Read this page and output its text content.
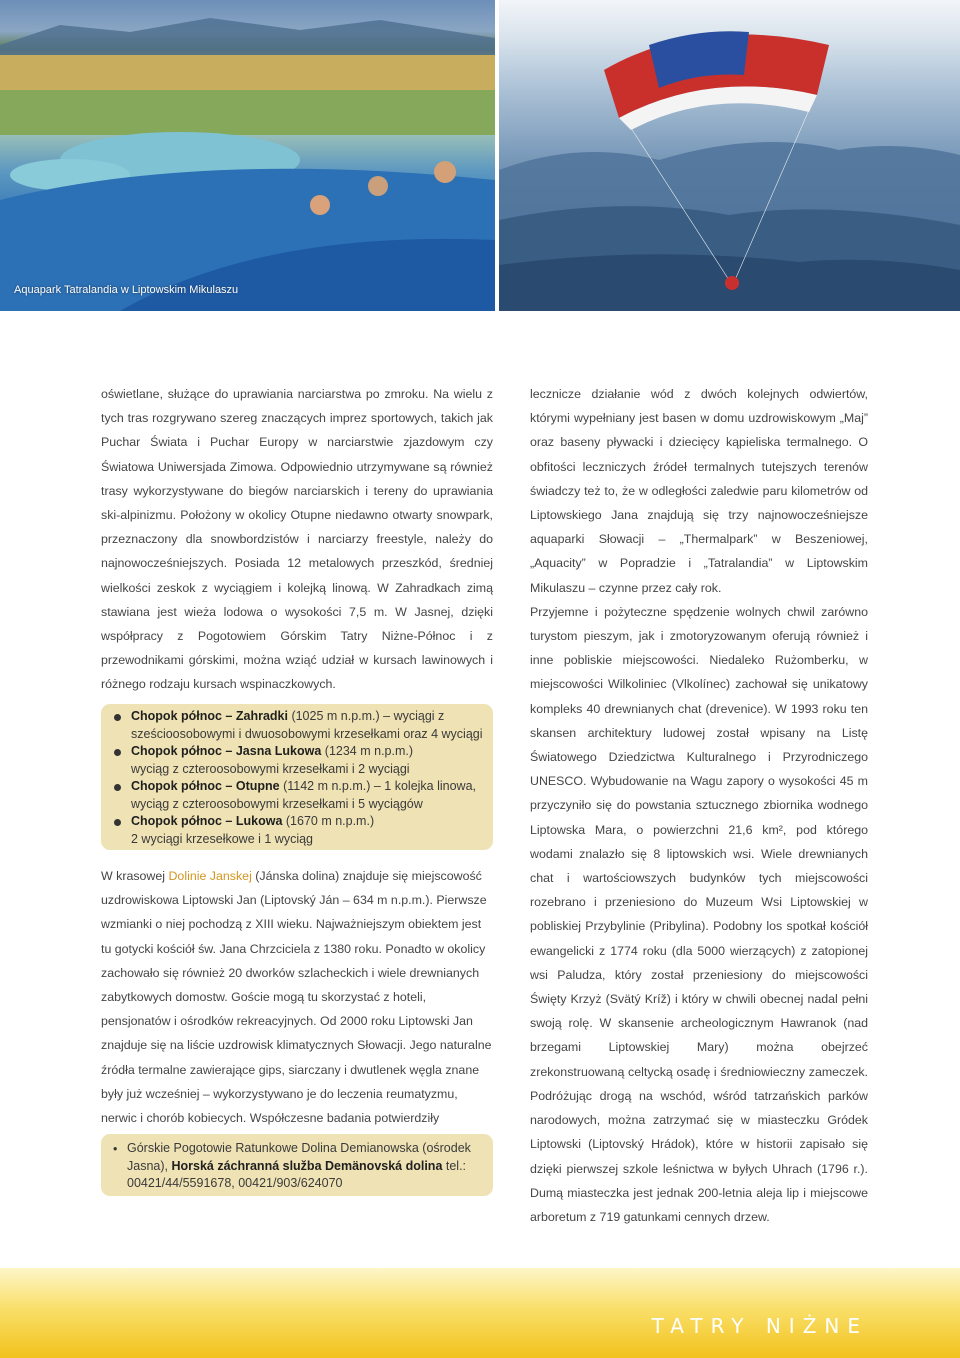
Aquapark Tatralandia w Liptowskim Mikulaszu

oświetlane, służące do uprawiania narciarstwa po zmroku. Na wielu z tych tras rozgrywano szereg znaczących imprez sportowych, takich jak Puchar Świata i Puchar Europy w narciarstwie zjazdowym czy Światowa Uniwersjada Zimowa. Odpowiednio utrzymywane są również trasy wykorzystywane do biegów narciarskich i tereny do uprawiania ski-alpinizmu. Położony w okolicy Otupne niedawno otwarty snowpark, przeznaczony dla snowbordzistów i narciarzy freestyle, należy do najnowocześniejszych. Posiada 12 metalowych przeszkód, średniej wielkości zeskok z wyciągiem i kolejką linową. W Zahradkach zimą stawiana jest wieża lodowa o wysokości 7,5 m. W Jasnej, dzięki współpracy z Pogotowiem Górskim Tatry Niżne-Północ i z przewodnikami górskimi, można wziąć udział w kursach lawinowych i różnego rodzaju kursach wspinaczkowych.

Chopok północ – Zahradki (1025 m n.p.m.) – wyciągi z sześcioosobowymi i dwuosobowymi krzesełkami oraz 4 wyciągi
Chopok północ – Jasna Lukowa (1234 m n.p.m.)
wyciąg z czteroosobowymi krzesełkami i 2 wyciągi
Chopok północ – Otupne (1142 m n.p.m.) – 1 kolejka linowa, wyciąg z czteroosobowymi krzesełkami i 5 wyciągów
Chopok północ – Lukowa (1670 m n.p.m.)
2 wyciągi krzesełkowe i 1 wyciąg

W krasowej Dolinie Janskej (Jánska dolina) znajduje się miejscowość uzdrowiskowa Liptowski Jan (Liptovský Ján – 634 m n.p.m.). Pierwsze wzmianki o niej pochodzą z XIII wieku. Najważniejszym obiektem jest tu gotycki kościół św. Jana Chrzciciela z 1380 roku. Ponadto w okolicy zachowało się również 20 dworków szlacheckich i wiele drewnianych zabytkowych domostw. Goście mogą tu skorzystać z hoteli, pensjonatów i ośrodków rekreacyjnych. Od 2000 roku Liptowski Jan znajduje się na liście uzdrowisk klimatycznych Słowacji. Jego naturalne źródła termalne zawierające gips, siarczany i dwutlenek węgla znane były już wcześniej – wykorzystywano je do leczenia reumatyzmu, nerwic i chorób kobiecych. Współczesne badania potwierdziły

• Górskie Pogotowie Ratunkowe Dolina Demianowska (ośrodek Jasna), Horská záchranná služba Demänovská dolina tel.: 00421/44/5591678, 00421/903/624070

lecznicze działanie wód z dwóch kolejnych odwiertów, którymi wypełniany jest basen w domu uzdrowiskowym „Maj” oraz baseny pływacki i dziecięcy kąpieliska termalnego. O obfitości leczniczych źródeł termalnych tutejszych terenów świadczy też to, że w odległości zaledwie paru kilometrów od Liptowskiego Jana znajdują się trzy najnowocześniejsze aquaparki Słowacji – „Thermalpark” w Beszeniowej, „Aquacity” w Popradzie i „Tatralandia” w Liptowskim Mikulaszu – czynne przez cały rok.

Przyjemne i pożyteczne spędzenie wolnych chwil zarówno turystom pieszym, jak i zmotoryzowanym oferują również i inne pobliskie miejscowości. Niedaleko Rużomberku, w miejscowości Wilkoliniec (Vlkolínec) zachował się unikatowy kompleks 40 drewnianych chat (drevenice). W 1993 roku ten skansen architektury ludowej został wpisany na Listę Światowego Dziedzictwa Kulturalnego i Przyrodniczego UNESCO. Wybudowanie na Wagu zapory o wysokości 45 m przyczyniło się do powstania sztucznego zbiornika wodnego Liptowska Mara, o powierzchni 21,6 km², pod którego wodami znalazło się 8 liptowskich wsi. Wiele drewnianych chat i wartościowszych budynków tych miejscowości rozebrano i przeniesiono do Muzeum Wsi Liptowskiej w pobliskiej Przybylinie (Pribylina). Podobny los spotkał kościół ewangelicki z 1774 roku (dla 5000 wierzących) z zatopionej wsi Paludza, który został przeniesiony do miejscowości Święty Krzyż (Svätý Kríž) i który w chwili obecnej nadal pełni swoją rolę. W skansenie archeologicznym Hawranok (nad brzegami Liptowskiej Mary) można obejrzeć zrekonstruowaną celtycką osadę i średniowieczny zameczek. Podróżując drogą na wschód, wśród tatrzańskich parków narodowych, można zatrzymać się w miasteczku Gródek Liptowski (Liptovský Hrádok), które w historii zapisało się dzięki pierwszej szkole leśnictwa w byłych Uhrach (1796 r.). Dumą miasteczka jest jednak 200-letnia aleja lip i miejscowe arboretum z 719 gatunkami cennych drzew.

TATRY NIŻNE
